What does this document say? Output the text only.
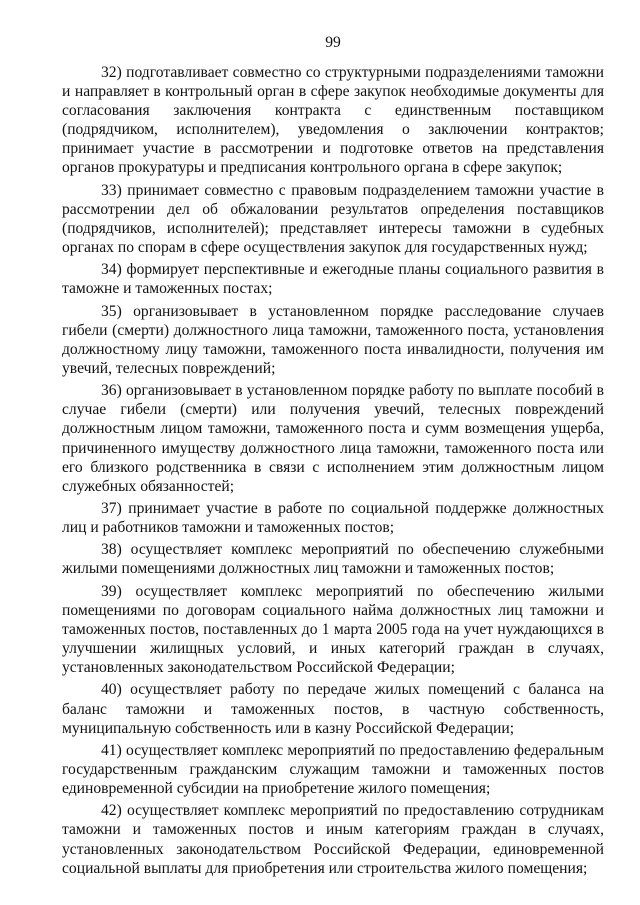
99

32) подготавливает совместно со структурными подразделениями таможни и направляет в контрольный орган в сфере закупок необходимые документы для согласования заключения контракта с единственным поставщиком (подрядчиком, исполнителем), уведомления о заключении контрактов; принимает участие в рассмотрении и подготовке ответов на представления органов прокуратуры и предписания контрольного органа в сфере закупок;

33) принимает совместно с правовым подразделением таможни участие в рассмотрении дел об обжаловании результатов определения поставщиков (подрядчиков, исполнителей); представляет интересы таможни в судебных органах по спорам в сфере осуществления закупок для государственных нужд;

34) формирует перспективные и ежегодные планы социального развития в таможне и таможенных постах;

35) организовывает в установленном порядке расследование случаев гибели (смерти) должностного лица таможни, таможенного поста, установления должностному лицу таможни, таможенного поста инвалидности, получения им увечий, телесных повреждений;

36) организовывает в установленном порядке работу по выплате пособий в случае гибели (смерти) или получения увечий, телесных повреждений должностным лицом таможни, таможенного поста и сумм возмещения ущерба, причиненного имуществу должностного лица таможни, таможенного поста или его близкого родственника в связи с исполнением этим должностным лицом служебных обязанностей;

37) принимает участие в работе по социальной поддержке должностных лиц и работников таможни и таможенных постов;

38) осуществляет комплекс мероприятий по обеспечению служебными жилыми помещениями должностных лиц таможни и таможенных постов;

39) осуществляет комплекс мероприятий по обеспечению жилыми помещениями по договорам социального найма должностных лиц таможни и таможенных постов, поставленных до 1 марта 2005 года на учет нуждающихся в улучшении жилищных условий, и иных категорий граждан в случаях, установленных законодательством Российской Федерации;

40) осуществляет работу по передаче жилых помещений с баланса на баланс таможни и таможенных постов, в частную собственность, муниципальную собственность или в казну Российской Федерации;

41) осуществляет комплекс мероприятий по предоставлению федеральным государственным гражданским служащим таможни и таможенных постов единовременной субсидии на приобретение жилого помещения;

42) осуществляет комплекс мероприятий по предоставлению сотрудникам таможни и таможенных постов и иным категориям граждан в случаях, установленных законодательством Российской Федерации, единовременной социальной выплаты для приобретения или строительства жилого помещения;
